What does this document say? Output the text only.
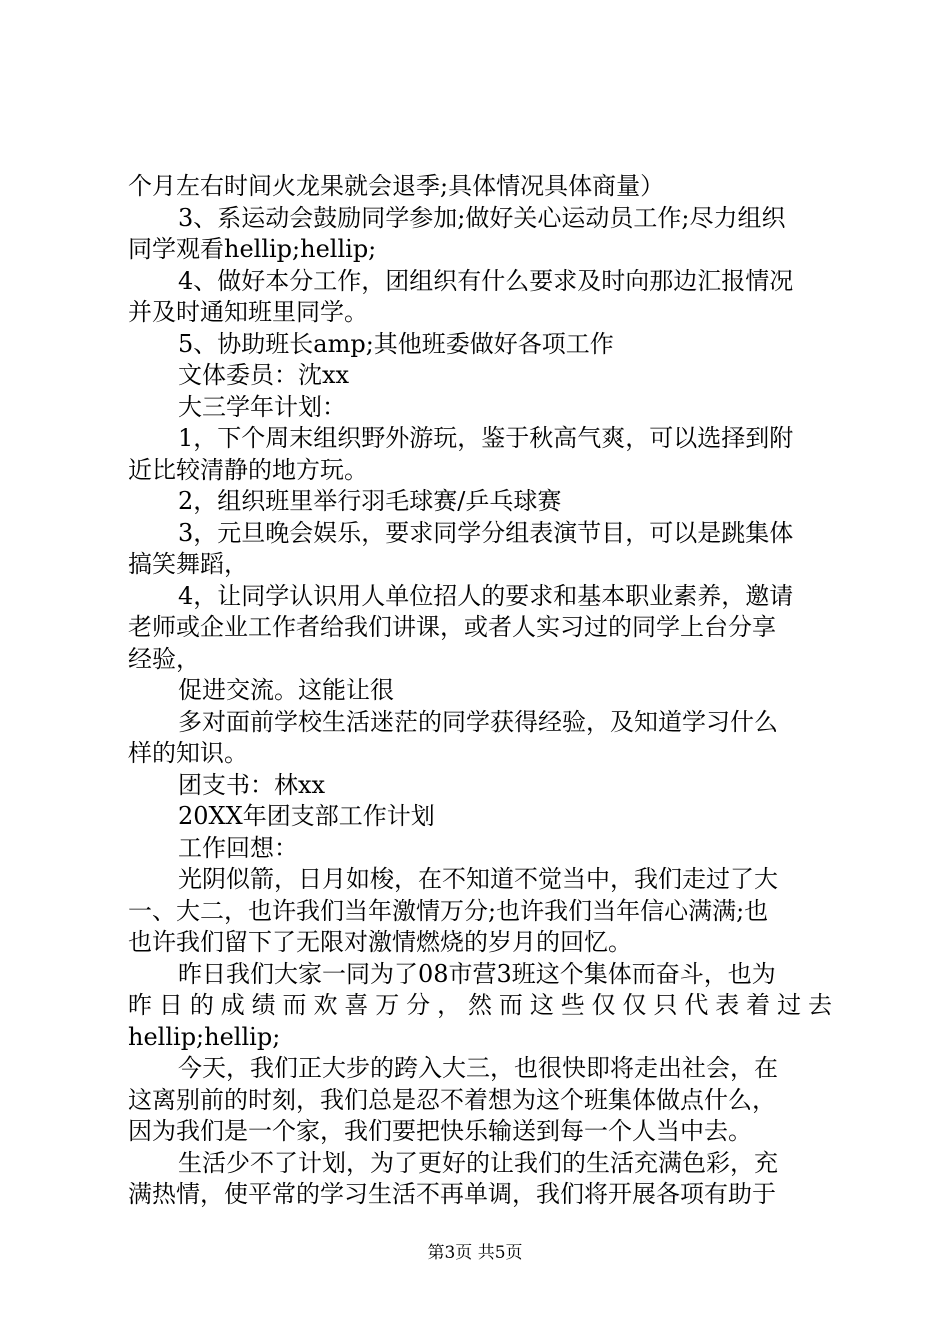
个月左右时间火龙果就会退季;具体情况具体商量）
3、系运动会鼓励同学参加;做好关心运动员工作;尽力组织
同学观看hellip;hellip;
4、做好本分工作，团组织有什么要求及时向那边汇报情况
并及时通知班里同学。
5、协助班长amp;其他班委做好各项工作
文体委员：沈xx
大三学年计划：
1，下个周末组织野外游玩，鉴于秋高气爽，可以选择到附
近比较清静的地方玩。
2，组织班里举行羽毛球赛/乒乓球赛
3，元旦晚会娱乐，要求同学分组表演节目，可以是跳集体
搞笑舞蹈，
4，让同学认识用人单位招人的要求和基本职业素养，邀请
老师或企业工作者给我们讲课，或者人实习过的同学上台分享
经验，
促进交流。这能让很
多对面前学校生活迷茫的同学获得经验，及知道学习什么
样的知识。
团支书：林xx
20XX年团支部工作计划
工作回想：
光阴似箭，日月如梭，在不知道不觉当中，我们走过了大
一、大二，也许我们当年激情万分;也许我们当年信心满满;也
也许我们留下了无限对激情燃烧的岁月的回忆。
昨日我们大家一同为了08市营3班这个集体而奋斗，也为
昨日的成绩而欢喜万分，然而这些仅仅只代表着过去
hellip;hellip;
今天，我们正大步的跨入大三，也很快即将走出社会，在
这离别前的时刻，我们总是忍不着想为这个班集体做点什么，
因为我们是一个家，我们要把快乐输送到每一个人当中去。
生活少不了计划，为了更好的让我们的生活充满色彩，充
满热情，使平常的学习生活不再单调，我们将开展各项有助于
第3页 共5页
